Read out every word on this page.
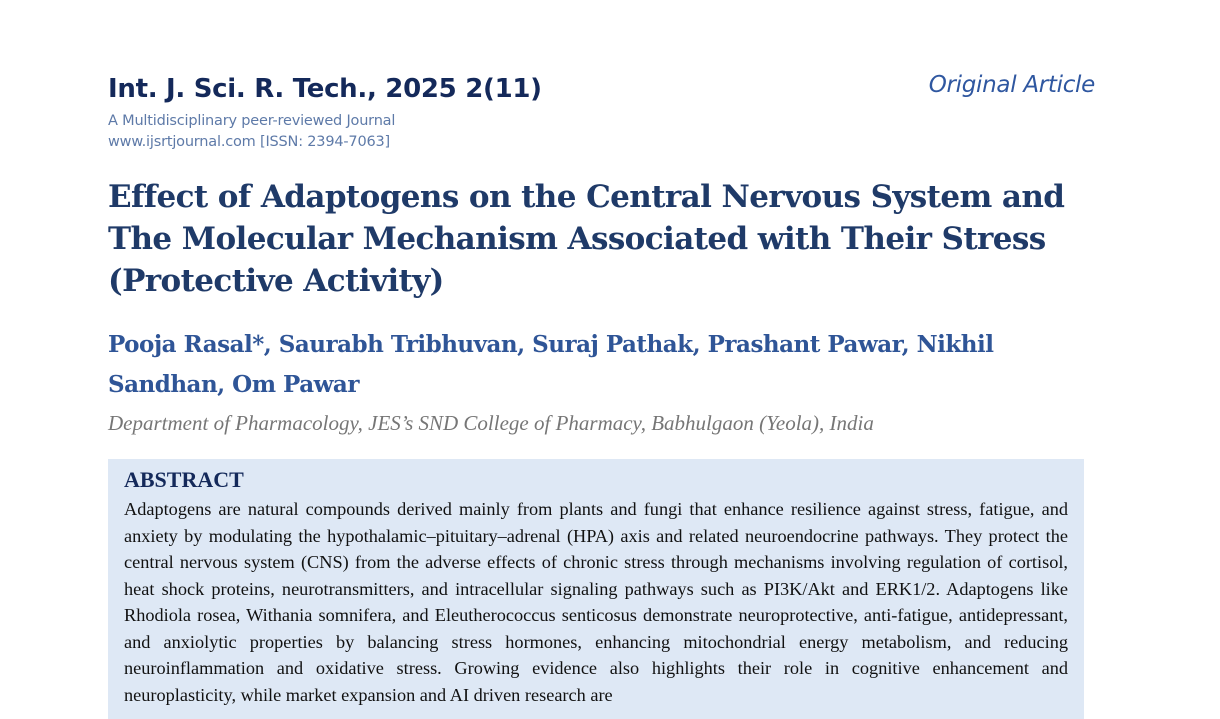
Int. J. Sci. R. Tech., 2025 2(11)
A Multidisciplinary peer-reviewed Journal
www.ijsrtjournal.com [ISSN: 2394-7063]
Original Article
Effect of Adaptogens on the Central Nervous System and The Molecular Mechanism Associated with Their Stress (Protective Activity)
Pooja Rasal*, Saurabh Tribhuvan, Suraj Pathak, Prashant Pawar, Nikhil Sandhan, Om Pawar
Department of Pharmacology, JES’s SND College of Pharmacy, Babhulgaon (Yeola), India
ABSTRACT
Adaptogens are natural compounds derived mainly from plants and fungi that enhance resilience against stress, fatigue, and anxiety by modulating the hypothalamic–pituitary–adrenal (HPA) axis and related neuroendocrine pathways. They protect the central nervous system (CNS) from the adverse effects of chronic stress through mechanisms involving regulation of cortisol, heat shock proteins, neurotransmitters, and intracellular signaling pathways such as PI3K/Akt and ERK1/2. Adaptogens like Rhodiola rosea, Withania somnifera, and Eleutherococcus senticosus demonstrate neuroprotective, anti-fatigue, antidepressant, and anxiolytic properties by balancing stress hormones, enhancing mitochondrial energy metabolism, and reducing neuroinflammation and oxidative stress. Growing evidence also highlights their role in cognitive enhancement and neuroplasticity, while market expansion and AI driven research are
